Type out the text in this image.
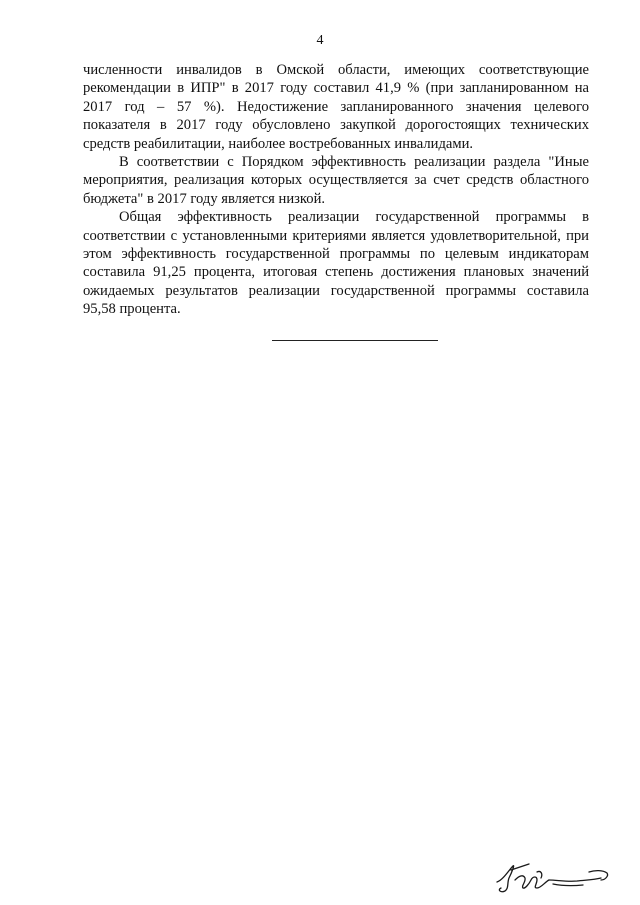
4

численности инвалидов в Омской области, имеющих соответствующие рекомендации в ИПР" в 2017 году составил 41,9 % (при запланированном на 2017 год – 57 %). Недостижение запланированного значения целевого показателя в 2017 году обусловлено закупкой дорогостоящих технических средств реабилитации, наиболее востребованных инвалидами.

В соответствии с Порядком эффективность реализации раздела "Иные мероприятия, реализация которых осуществляется за счет средств областного бюджета" в 2017 году является низкой.

Общая эффективность реализации государственной программы в соответствии с установленными критериями является удовлетворительной, при этом эффективность государственной программы по целевым индикаторам составила 91,25 процента, итоговая степень достижения плановых значений ожидаемых результатов реализации государственной программы составила 95,58 процента.
